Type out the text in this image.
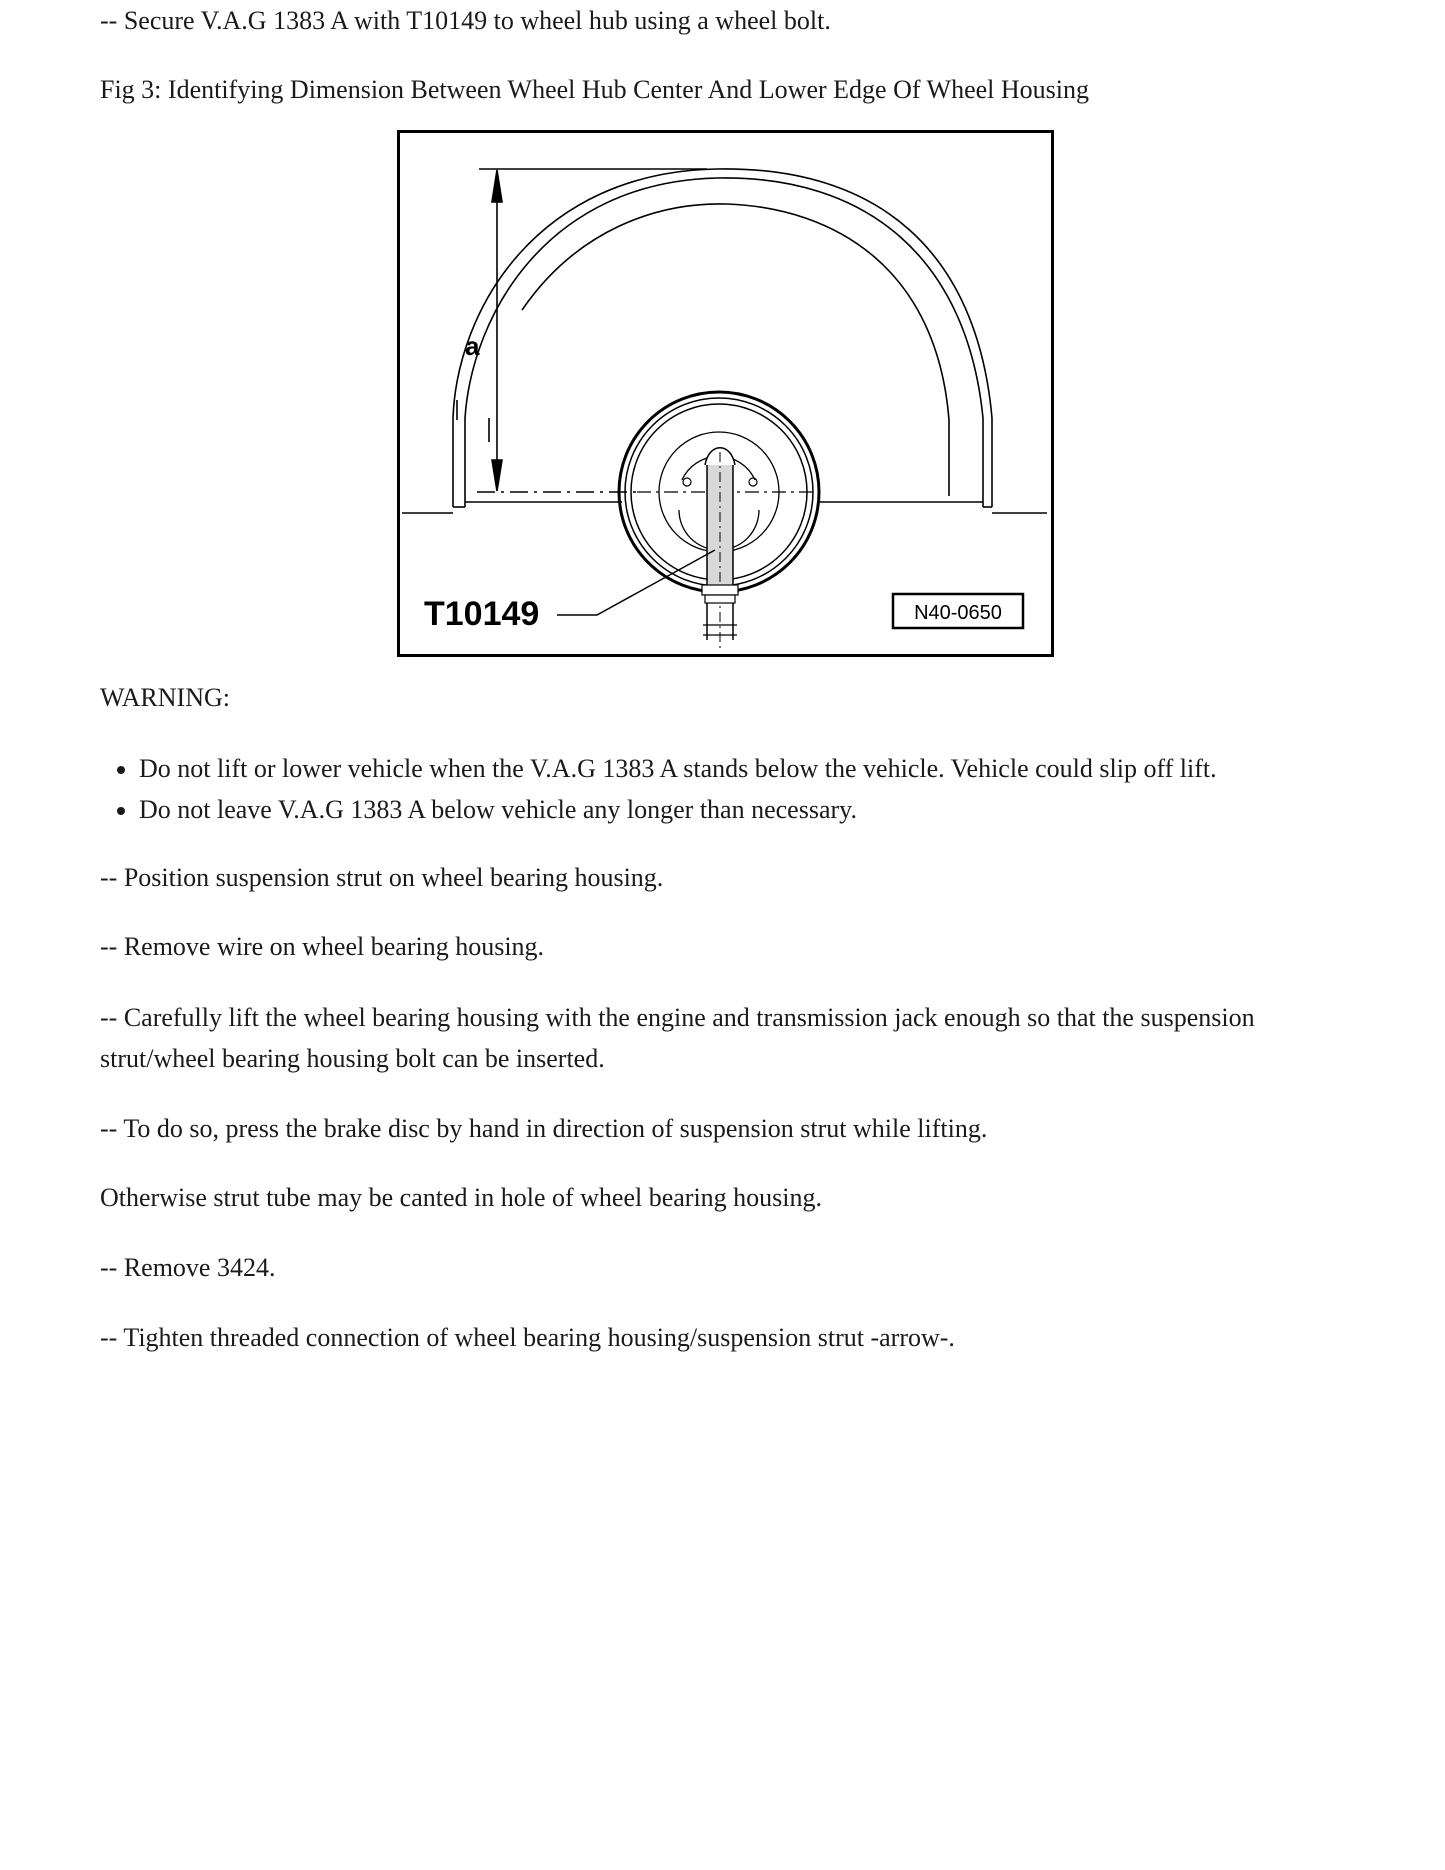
-- Secure V.A.G 1383 A with T10149 to wheel hub using a wheel bolt.

Fig 3: Identifying Dimension Between Wheel Hub Center And Lower Edge Of Wheel Housing

a
T10149	N40-0650

WARNING:

• Do not lift or lower vehicle when the V.A.G 1383 A stands below the vehicle. Vehicle could slip off lift.
• Do not leave V.A.G 1383 A below vehicle any longer than necessary.

-- Position suspension strut on wheel bearing housing.

-- Remove wire on wheel bearing housing.

-- Carefully lift the wheel bearing housing with the engine and transmission jack enough so that the suspension strut/wheel bearing housing bolt can be inserted.

-- To do so, press the brake disc by hand in direction of suspension strut while lifting.

Otherwise strut tube may be canted in hole of wheel bearing housing.

-- Remove 3424.

-- Tighten threaded connection of wheel bearing housing/suspension strut -arrow-.
